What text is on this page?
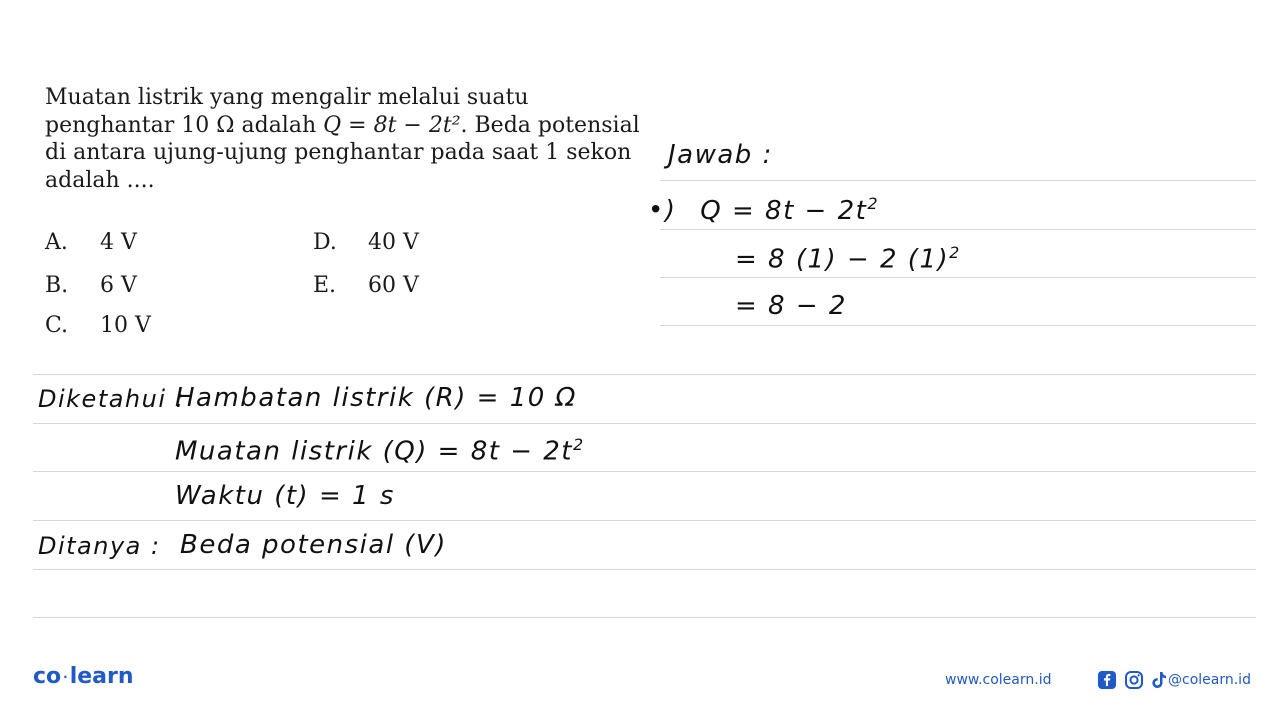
Muatan listrik yang mengalir melalui suatu

penghantar 10 Ω adalah Q = 8t − 2t². Beda potensial

di antara ujung-ujung penghantar pada saat 1 sekon

adalah ....

A. 4 V
B. 6 V
C. 10 V
D. 40 V
E. 60 V
Jawab :
•) $Q = 8t - 2t^2$
= 8 (1) − 2 $(1)^2$
= 8 − 2
Diketahui :
Hambatan listrik (R) = 10 Ω
Muatan listrik $(Q) = 8t - 2t^2$
Waktu (t) = 1 s
Ditanya : Beda potensial (V)
co ·learn	www.colearn.id	@colearn.id
